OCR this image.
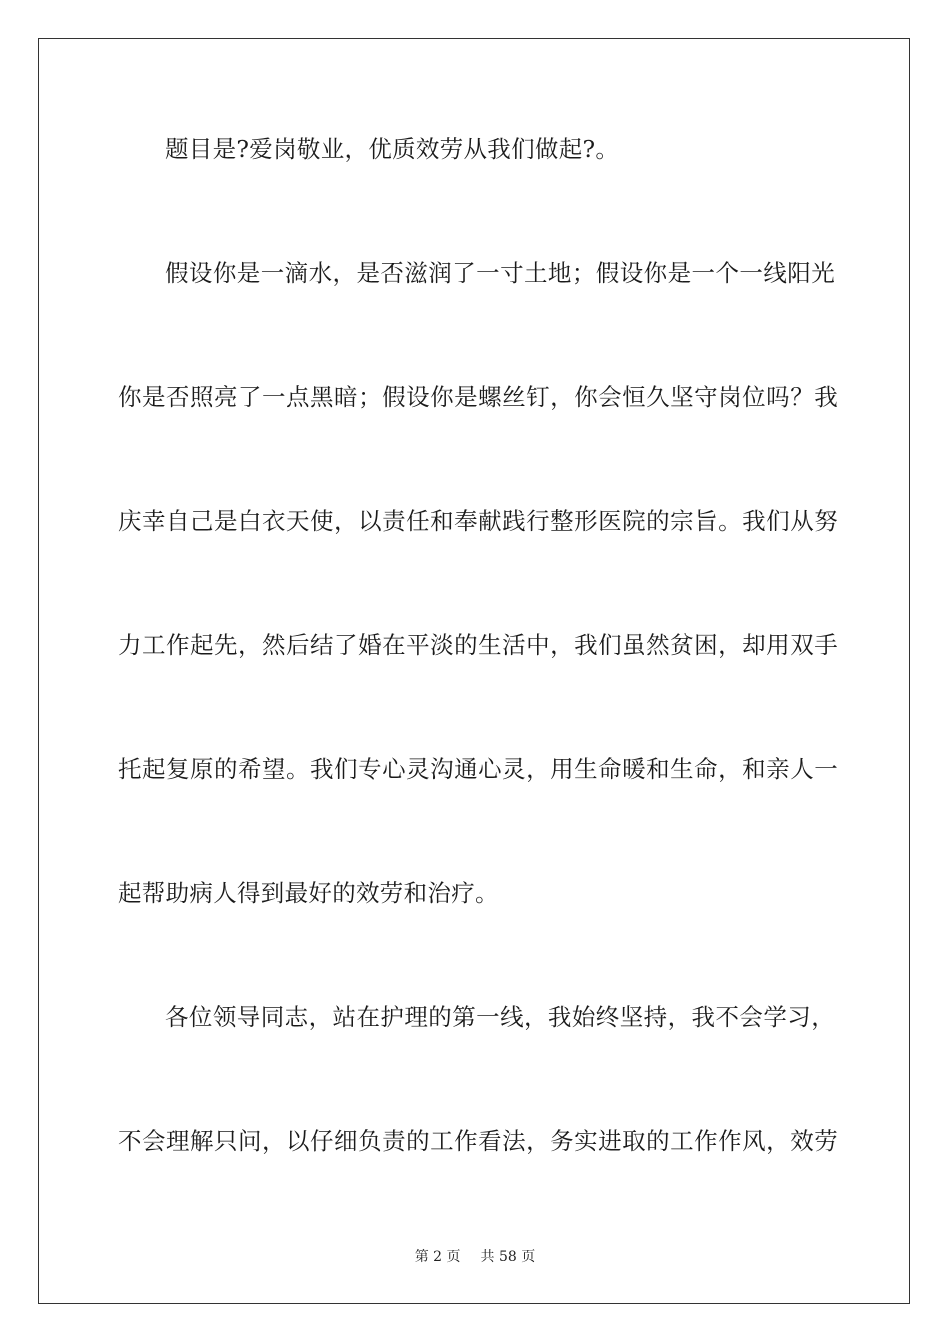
题目是?爱岗敬业，优质效劳从我们做起?。
假设你是一滴水，是否滋润了一寸土地；假设你是一个一线阳光
你是否照亮了一点黑暗；假设你是螺丝钉，你会恒久坚守岗位吗？我
庆幸自己是白衣天使，以责任和奉献践行整形医院的宗旨。我们从努
力工作起先，然后结了婚在平淡的生活中，我们虽然贫困，却用双手
托起复原的希望。我们专心灵沟通心灵，用生命暖和生命，和亲人一
起帮助病人得到最好的效劳和治疗。
各位领导同志，站在护理的第一线，我始终坚持，我不会学习，
不会理解只问，以仔细负责的工作看法，务实进取的工作作风，效劳
第 2 页 共 58 页
